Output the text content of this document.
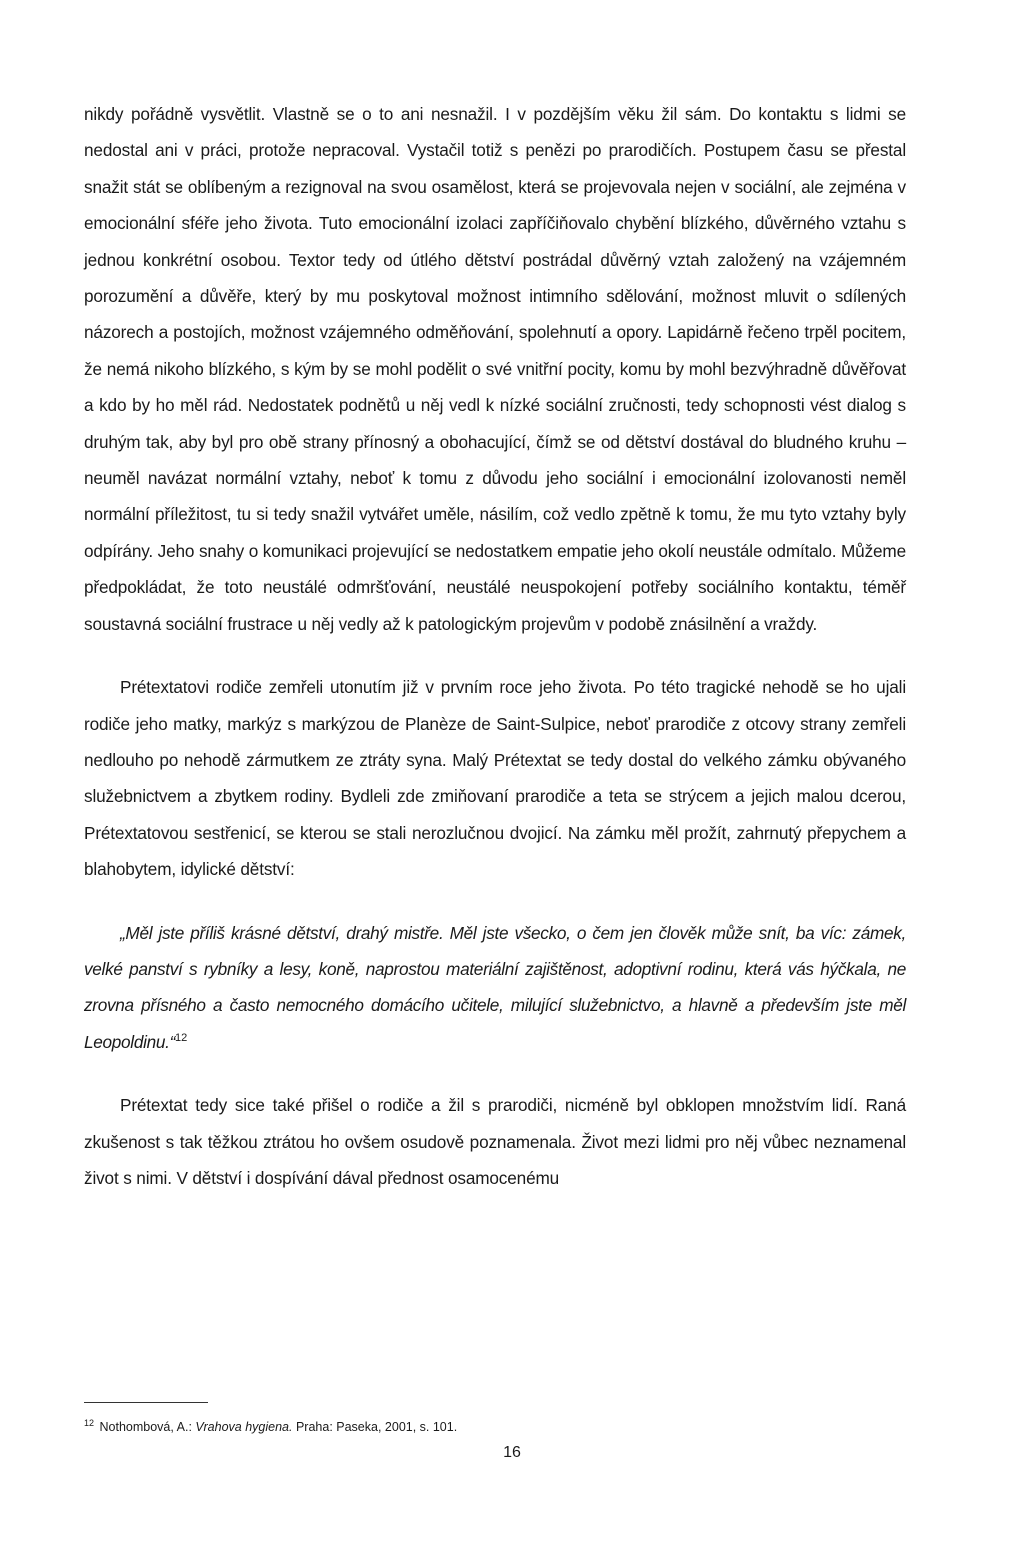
nikdy pořádně vysvětlit. Vlastně se o to ani nesnažil. I v pozdějším věku žil sám. Do kontaktu s lidmi se nedostal ani v práci, protože nepracoval. Vystačil totiž s penězi po prarodičích. Postupem času se přestal snažit stát se oblíbeným a rezignoval na svou osamělost, která se projevovala nejen v sociální, ale zejména v emocionální sféře jeho života. Tuto emocionální izolaci zapříčiňovalo chybění blízkého, důvěrného vztahu s jednou konkrétní osobou. Textor tedy od útlého dětství postrádal důvěrný vztah založený na vzájemném porozumění a důvěře, který by mu poskytoval možnost intimního sdělování, možnost mluvit o sdílených názorech a postojích, možnost vzájemného odměňování, spolehnutí a opory. Lapidárně řečeno trpěl pocitem, že nemá nikoho blízkého, s kým by se mohl podělit o své vnitřní pocity, komu by mohl bezvýhradně důvěřovat a kdo by ho měl rád. Nedostatek podnětů u něj vedl k nízké sociální zručnosti, tedy schopnosti vést dialog s druhým tak, aby byl pro obě strany přínosný a obohacující, čímž se od dětství dostával do bludného kruhu – neuměl navázat normální vztahy, neboť k tomu z důvodu jeho sociální i emocionální izolovanosti neměl normální příležitost, tu si tedy snažil vytvářet uměle, násilím, což vedlo zpětně k tomu, že mu tyto vztahy byly odpírány. Jeho snahy o komunikaci projevující se nedostatkem empatie jeho okolí neustále odmítalo. Můžeme předpokládat, že toto neustálé odmršťování, neustálé neuspokojení potřeby sociálního kontaktu, téměř soustavná sociální frustrace u něj vedly až k patologickým projevům v podobě znásilnění a vraždy.

Prétextatovi rodiče zemřeli utonutím již v prvním roce jeho života. Po této tragické nehodě se ho ujali rodiče jeho matky, markýz s markýzou de Planèze de Saint-Sulpice, neboť prarodiče z otcovy strany zemřeli nedlouho po nehodě zármutkem ze ztráty syna. Malý Prétextat se tedy dostal do velkého zámku obývaného služebnictvem a zbytkem rodiny. Bydleli zde zmiňovaní prarodiče a teta se strýcem a jejich malou dcerou, Prétextatovou sestřenicí, se kterou se stali nerozlučnou dvojicí. Na zámku měl prožít, zahrnutý přepychem a blahobytem, idylické dětství:

„Měl jste příliš krásné dětství, drahý mistře. Měl jste všecko, o čem jen člověk může snít, ba víc: zámek, velké panství s rybníky a lesy, koně, naprostou materiální zajištěnost, adoptivní rodinu, která vás hýčkala, ne zrovna přísného a často nemocného domácího učitele, milující služebnictvo, a hlavně a především jste měl Leopoldinu.“$^{12}$

Prétextat tedy sice také přišel o rodiče a žil s prarodiči, nicméně byl obklopen množstvím lidí. Raná zkušenost s tak těžkou ztrátou ho ovšem osudově poznamenala. Život mezi lidmi pro něj vůbec neznamenal život s nimi. V dětství i dospívání dával přednost osamocenému

$^{12}$ Nothombová, A.: Vrahova hygiena. Praha: Paseka, 2001, s. 101.
16
